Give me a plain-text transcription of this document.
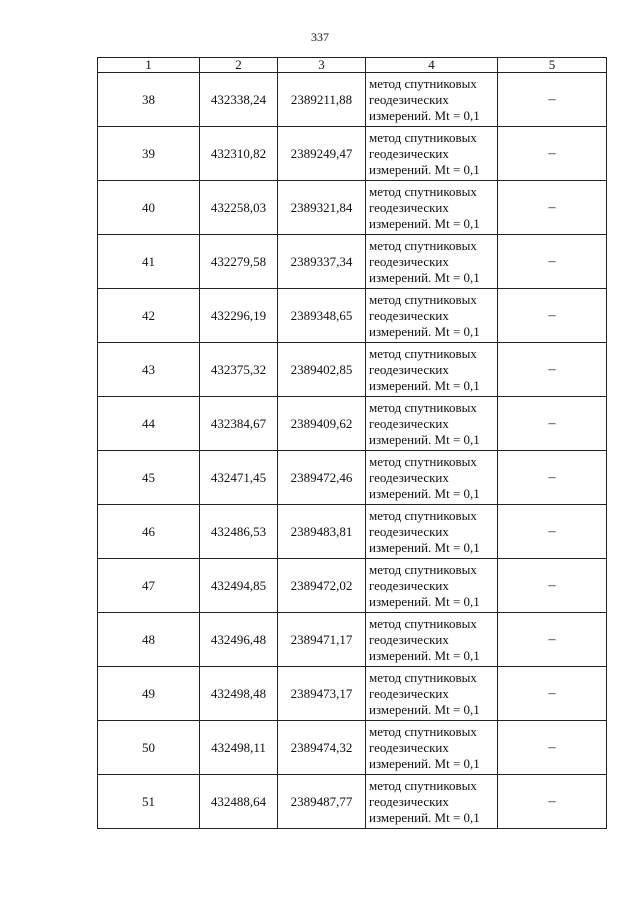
337
1	2	3	4	5
38	432338,24	2389211,88	метод спутниковых
геодезических
измерений. Mt = 0,1	–
39	432310,82	2389249,47	метод спутниковых
геодезических
измерений. Mt = 0,1	–
40	432258,03	2389321,84	метод спутниковых
геодезических
измерений. Mt = 0,1	–
41	432279,58	2389337,34	метод спутниковых
геодезических
измерений. Mt = 0,1	–
42	432296,19	2389348,65	метод спутниковых
геодезических
измерений. Mt = 0,1	–
43	432375,32	2389402,85	метод спутниковых
геодезических
измерений. Mt = 0,1	–
44	432384,67	2389409,62	метод спутниковых
геодезических
измерений. Mt = 0,1	–
45	432471,45	2389472,46	метод спутниковых
геодезических
измерений. Mt = 0,1	–
46	432486,53	2389483,81	метод спутниковых
геодезических
измерений. Mt = 0,1	–
47	432494,85	2389472,02	метод спутниковых
геодезических
измерений. Mt = 0,1	–
48	432496,48	2389471,17	метод спутниковых
геодезических
измерений. Mt = 0,1	–
49	432498,48	2389473,17	метод спутниковых
геодезических
измерений. Mt = 0,1	–
50	432498,11	2389474,32	метод спутниковых
геодезических
измерений. Mt = 0,1	–
51	432488,64	2389487,77	метод спутниковых
геодезических
измерений. Mt = 0,1	–
